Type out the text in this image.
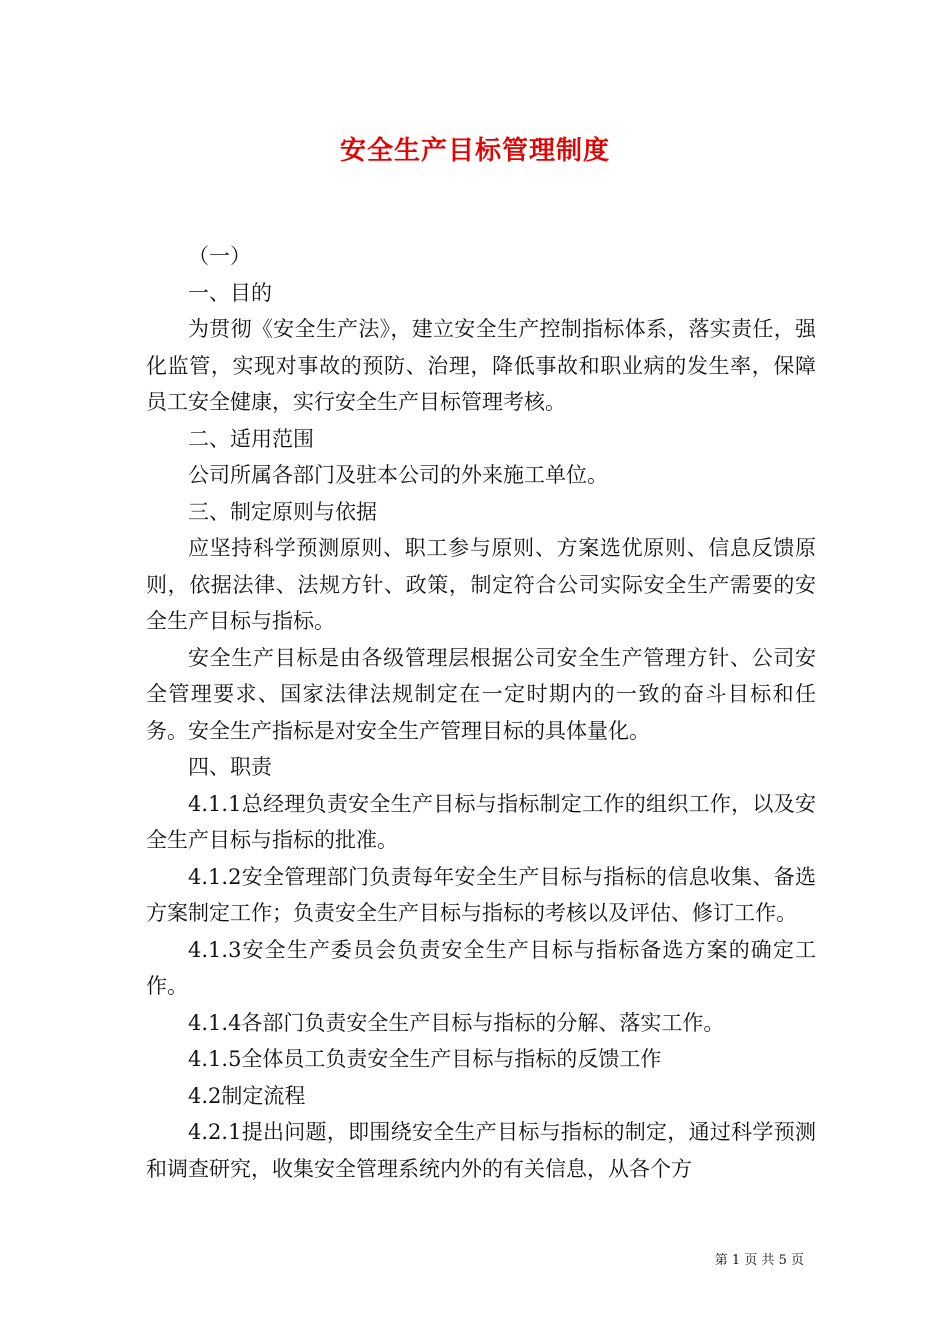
安全生产目标管理制度

（一）

一、目的

为贯彻《安全生产法》，建立安全生产控制指标体系，落实责任，强化监管，实现对事故的预防、治理，降低事故和职业病的发生率，保障员工安全健康，实行安全生产目标管理考核。

二、适用范围

公司所属各部门及驻本公司的外来施工单位。

三、制定原则与依据

应坚持科学预测原则、职工参与原则、方案选优原则、信息反馈原则，依据法律、法规方针、政策，制定符合公司实际安全生产需要的安全生产目标与指标。

安全生产目标是由各级管理层根据公司安全生产管理方针、公司安全管理要求、国家法律法规制定在一定时期内的一致的奋斗目标和任务。安全生产指标是对安全生产管理目标的具体量化。

四、职责

4.1.1总经理负责安全生产目标与指标制定工作的组织工作，以及安全生产目标与指标的批准。

4.1.2安全管理部门负责每年安全生产目标与指标的信息收集、备选方案制定工作；负责安全生产目标与指标的考核以及评估、修订工作。

4.1.3安全生产委员会负责安全生产目标与指标备选方案的确定工作。

4.1.4各部门负责安全生产目标与指标的分解、落实工作。

4.1.5全体员工负责安全生产目标与指标的反馈工作

4.2制定流程

4.2.1提出问题，即围绕安全生产目标与指标的制定，通过科学预测和调查研究，收集安全管理系统内外的有关信息，从各个方

第 1 页 共 5 页
